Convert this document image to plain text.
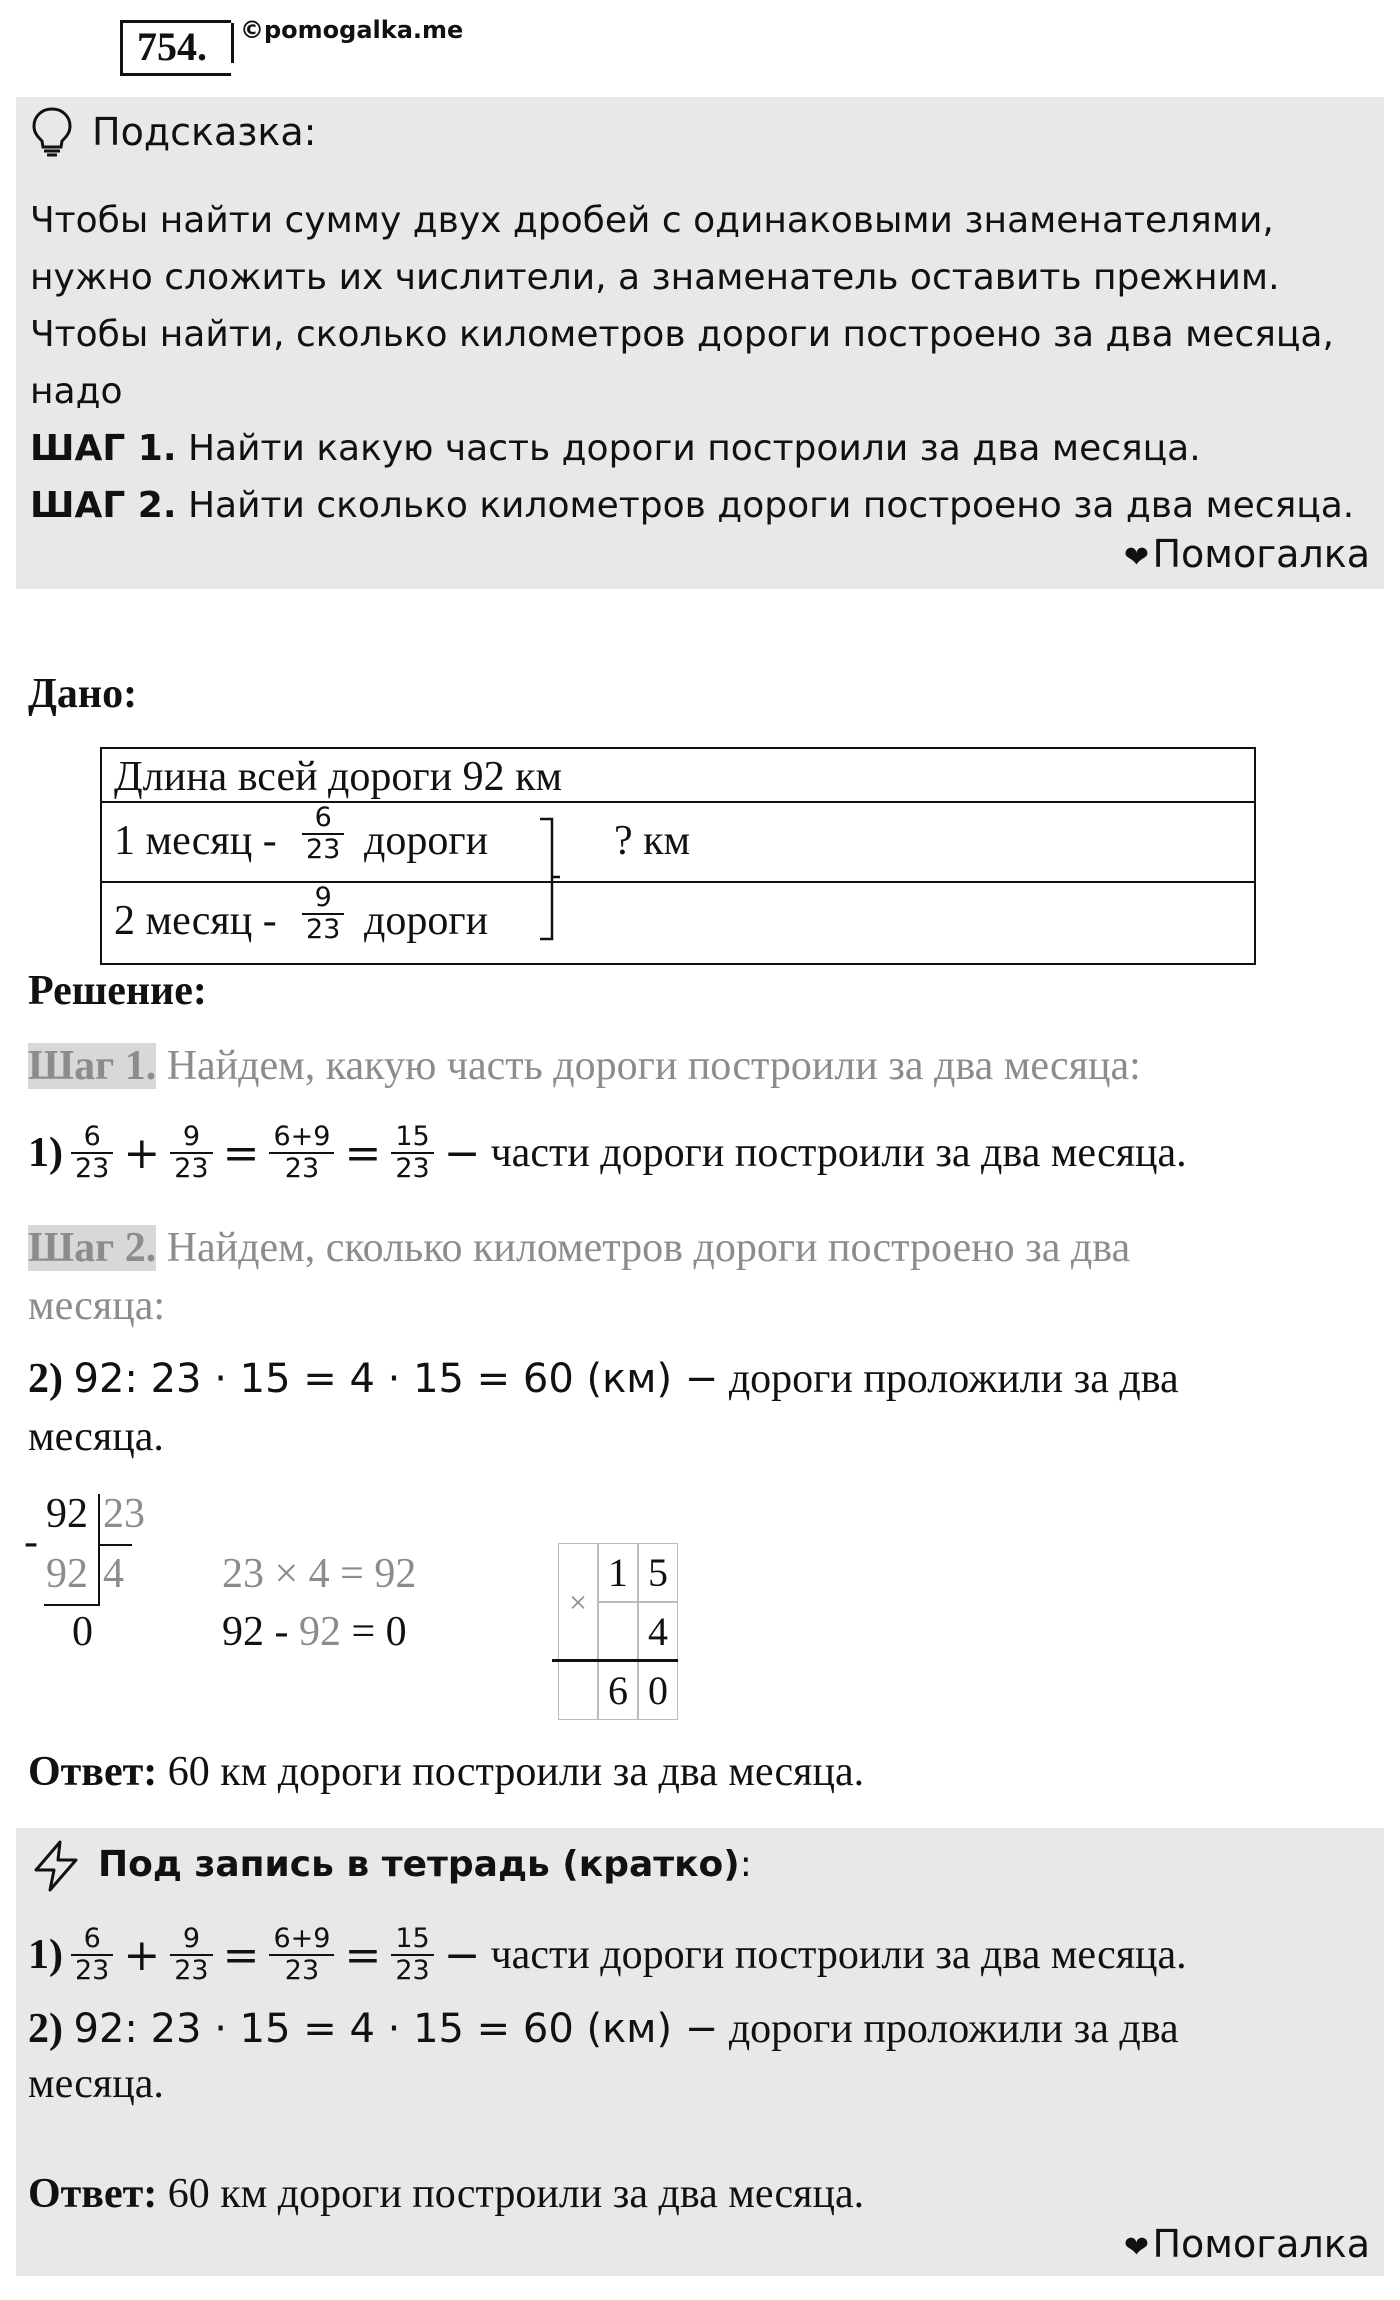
754. ©pomogalka.me
Подсказка:
Чтобы найти сумму двух дробей с одинаковыми знаменателями,
нужно сложить их числители, а знаменатель оставить прежним.
Чтобы найти, сколько километров дороги построено за два месяца,
надо
ШАГ 1. Найти какую часть дороги построили за два месяца.
ШАГ 2. Найти сколько километров дороги построено за два месяца.
❤Помогалка
Дано:
Длина всей дороги 92 км
1 месяц - $\frac{6}{23}$ дороги	? км
2 месяц - $\frac{9}{23}$ дороги
Решение:
Шаг 1. Найдем, какую часть дороги построили за два месяца:
$1) \frac{6}{23} + \frac{9}{23} = \frac{6+9}{23} = \frac{15}{23}$ − части дороги построили за два месяца.
Шаг 2. Найдем, сколько километров дороги построено за два
месяца:
2) 92: 23 · 15 = 4 · 15 = 60 (км) − дороги проложили за два
месяца.
92 23
-
92 4
0
23 × 4 = 92
92 - 92 = 0
×
1 5
4
6 0
Ответ: 60 км дороги построили за два месяца.
Под запись в тетрадь (кратко):
$1) \frac{6}{23} + \frac{9}{23} = \frac{6+9}{23} = \frac{15}{23}$ − части дороги построили за два месяца.
2) 92: 23 · 15 = 4 · 15 = 60 (км) − дороги проложили за два
месяца.
Ответ: 60 км дороги построили за два месяца.
❤Помогалка
